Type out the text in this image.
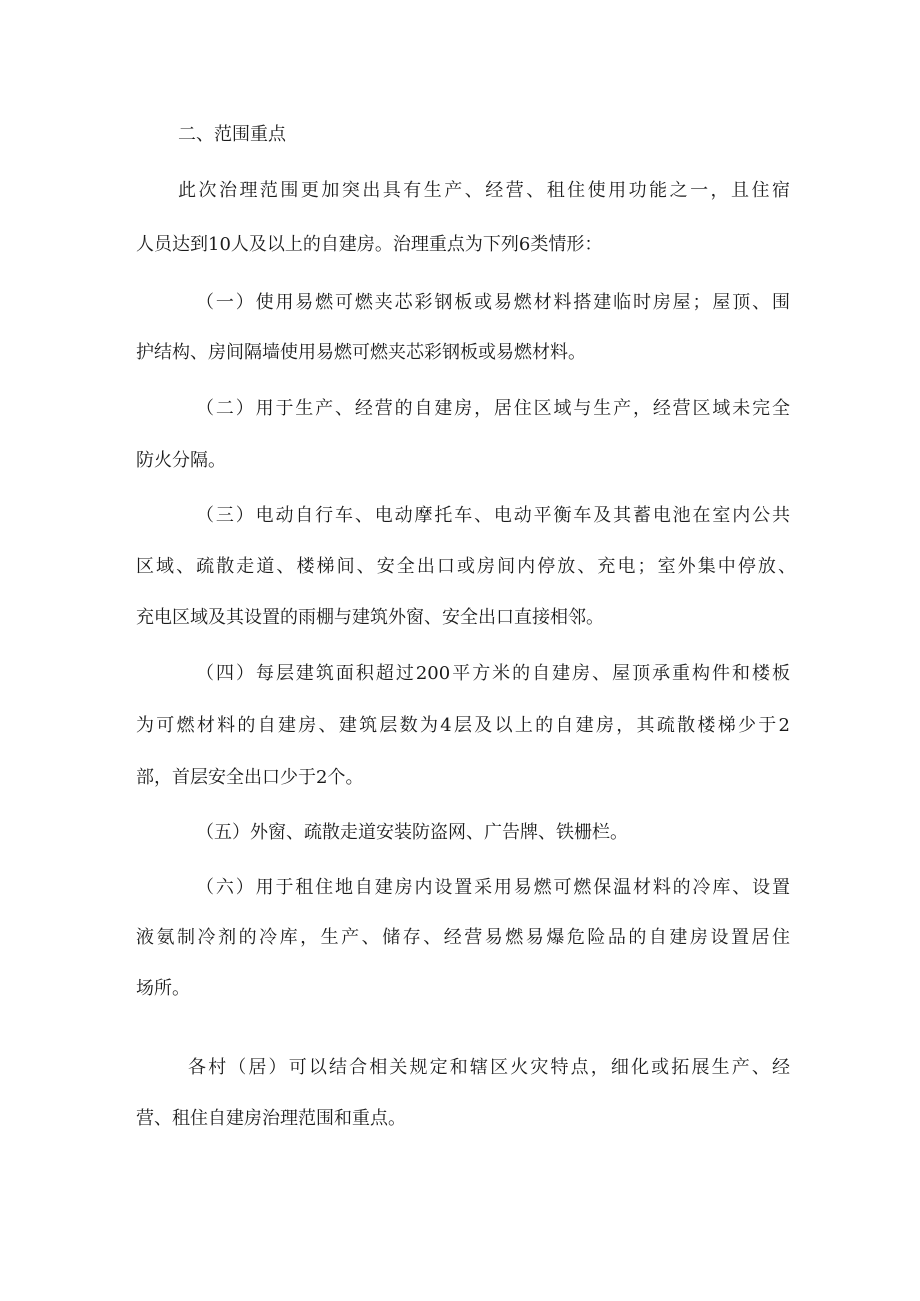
二、范围重点

此次治理范围更加突出具有生产、经营、租住使用功能之一，且住宿

人员达到10人及以上的自建房。治理重点为下列6类情形：

（一）使用易燃可燃夹芯彩钢板或易燃材料搭建临时房屋；屋顶、围

护结构、房间隔墙使用易燃可燃夹芯彩钢板或易燃材料。

（二）用于生产、经营的自建房，居住区域与生产，经营区域未完全

防火分隔。

（三）电动自行车、电动摩托车、电动平衡车及其蓄电池在室内公共

区域、疏散走道、楼梯间、安全出口或房间内停放、充电；室外集中停放、

充电区域及其设置的雨棚与建筑外窗、安全出口直接相邻。

（四）每层建筑面积超过200平方米的自建房、屋顶承重构件和楼板

为可燃材料的自建房、建筑层数为4层及以上的自建房，其疏散楼梯少于2

部，首层安全出口少于2个。

（五）外窗、疏散走道安装防盗网、广告牌、铁栅栏。

（六）用于租住地自建房内设置采用易燃可燃保温材料的冷库、设置

液氨制冷剂的冷库，生产、储存、经营易燃易爆危险品的自建房设置居住

场所。

各村（居）可以结合相关规定和辖区火灾特点，细化或拓展生产、经

营、租住自建房治理范围和重点。
